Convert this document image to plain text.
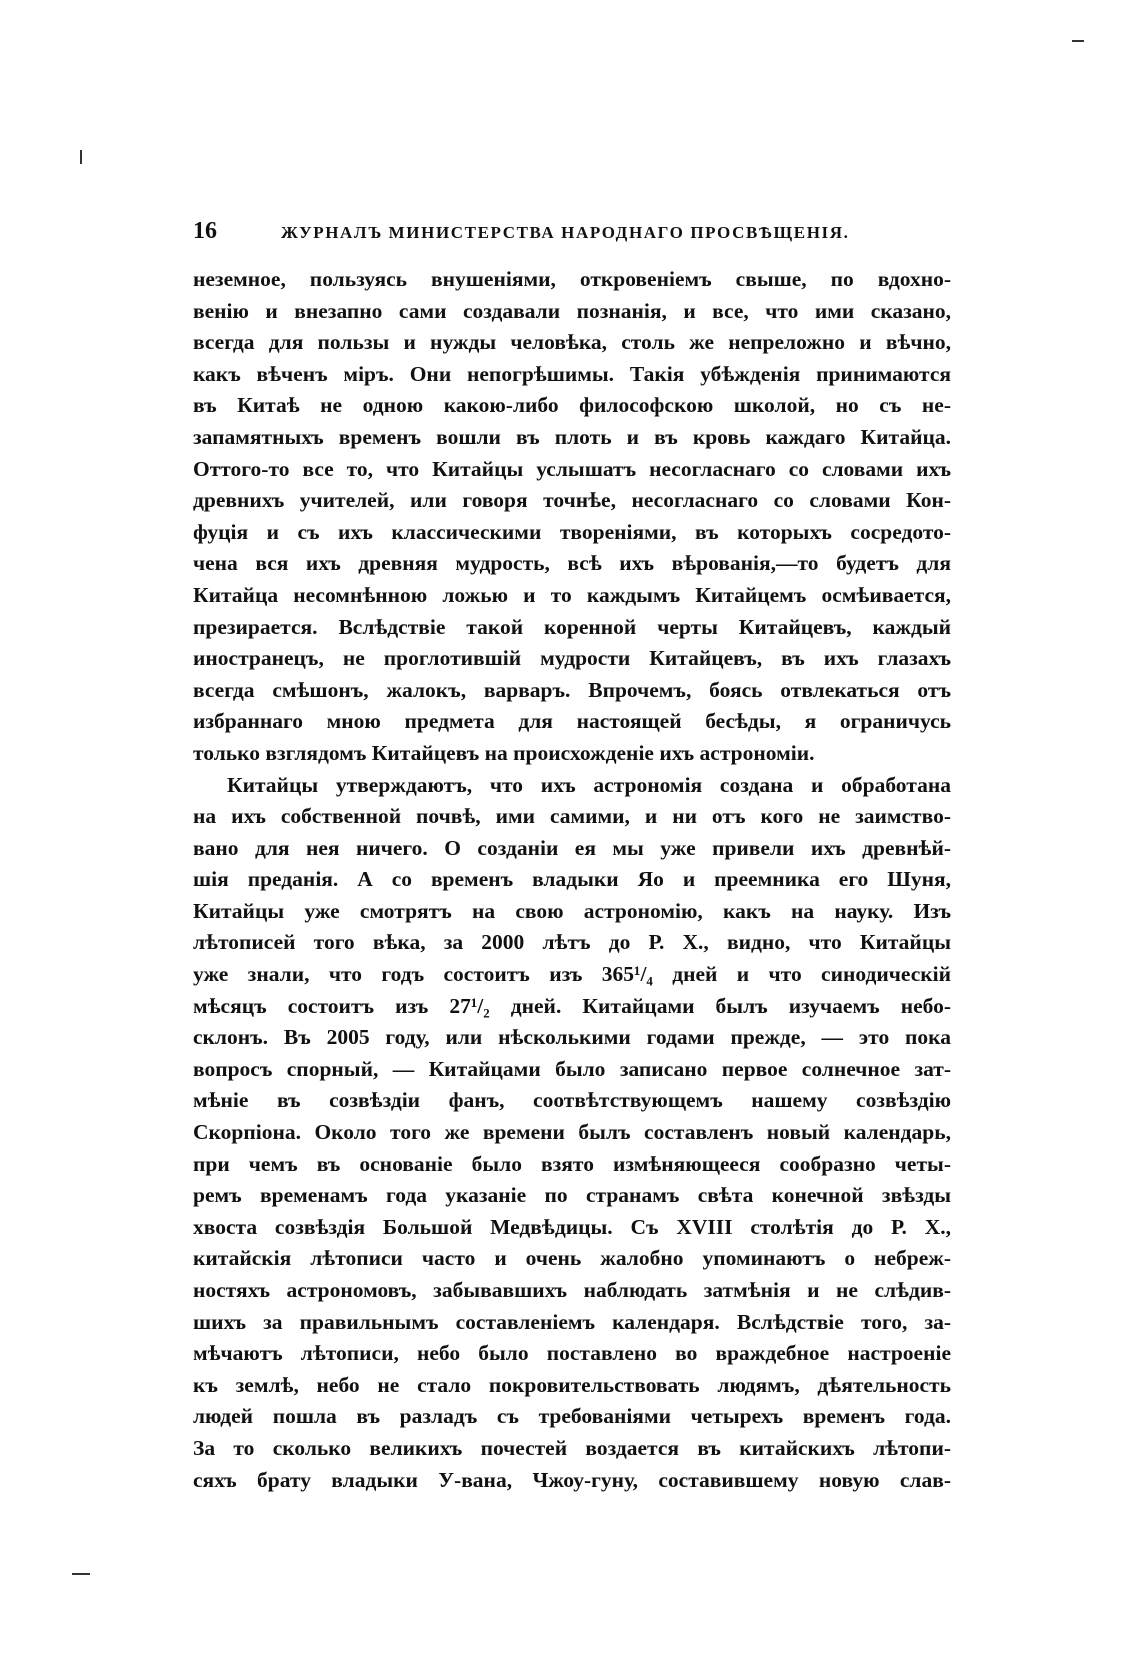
16	ЖУРНАЛЪ МИНИСТЕРСТВА НАРОДНАГО ПРОСВѢЩЕНІЯ.
неземное, пользуясь внушеніями, откровеніемъ свыше, по вдохно-
венію и внезапно сами создавали познанія, и все, что ими сказано,
всегда для пользы и нужды человѣка, столь же непреложно и вѣчно,
какъ вѣченъ міръ. Они непогрѣшимы. Такія убѣжденія принимаются
въ Китаѣ не одною какою-либо философскою школой, но съ не-
запамятныхъ временъ вошли въ плоть и въ кровь каждаго Китайца.
Оттого-то все то, что Китайцы услышатъ несогласнаго со словами ихъ
древнихъ учителей, или говоря точнѣе, несогласнаго со словами Кон-
фуція и съ ихъ классическими твореніями, въ которыхъ сосредото-
чена вся ихъ древняя мудрость, всѣ ихъ вѣрованія,—то будетъ для
Китайца несомнѣнною ложью и то каждымъ Китайцемъ осмѣивается,
презирается. Вслѣдствіе такой коренной черты Китайцевъ, каждый
иностранецъ, не проглотившій мудрости Китайцевъ, въ ихъ глазахъ
всегда смѣшонъ, жалокъ, варваръ. Впрочемъ, боясь отвлекаться отъ
избраннаго мною предмета для настоящей бесѣды, я ограничусь
только взглядомъ Китайцевъ на происхожденіе ихъ астрономіи.
Китайцы утверждаютъ, что ихъ астрономія создана и обработана
на ихъ собственной почвѣ, ими самими, и ни отъ кого не заимство-
вано для нея ничего. О созданіи ея мы уже привели ихъ древнѣй-
шія преданія. А со временъ владыки Яо и преемника его Шуня,
Китайцы уже смотрятъ на свою астрономію, какъ на науку. Изъ
лѣтописей того вѣка, за 2000 лѣтъ до Р. Х., видно, что Китайцы
уже знали, что годъ состоитъ изъ 365¹/₄ дней и что синодическій
мѣсяцъ состоитъ изъ 27¹/₂ дней. Китайцами былъ изучаемъ небо-
склонъ. Въ 2005 году, или нѣсколькими годами прежде, — это пока
вопросъ спорный, — Китайцами было записано первое солнечное зат-
мѣніе въ созвѣздіи фанъ, соотвѣтствующемъ нашему созвѣздію
Скорпіона. Около того же времени былъ составленъ новый календарь,
при чемъ въ основаніе было взято измѣняющееся сообразно четы-
ремъ временамъ года указаніе по странамъ свѣта конечной звѣзды
хвоста созвѣздія Большой Медвѣдицы. Съ XVIII столѣтія до Р. Х.,
китайскія лѣтописи часто и очень жалобно упоминаютъ о небреж-
ностяхъ астрономовъ, забывавшихъ наблюдать затмѣнія и не слѣдив-
шихъ за правильнымъ составленіемъ календаря. Вслѣдствіе того, за-
мѣчаютъ лѣтописи, небо было поставлено во враждебное настроеніе
къ землѣ, небо не стало покровительствовать людямъ, дѣятельность
людей пошла въ разладъ съ требованіями четырехъ временъ года.
За то сколько великихъ почестей воздается въ китайскихъ лѣтопи-
сяхъ брату владыки У-вана, Чжоу-гуну, составившему новую слав-
